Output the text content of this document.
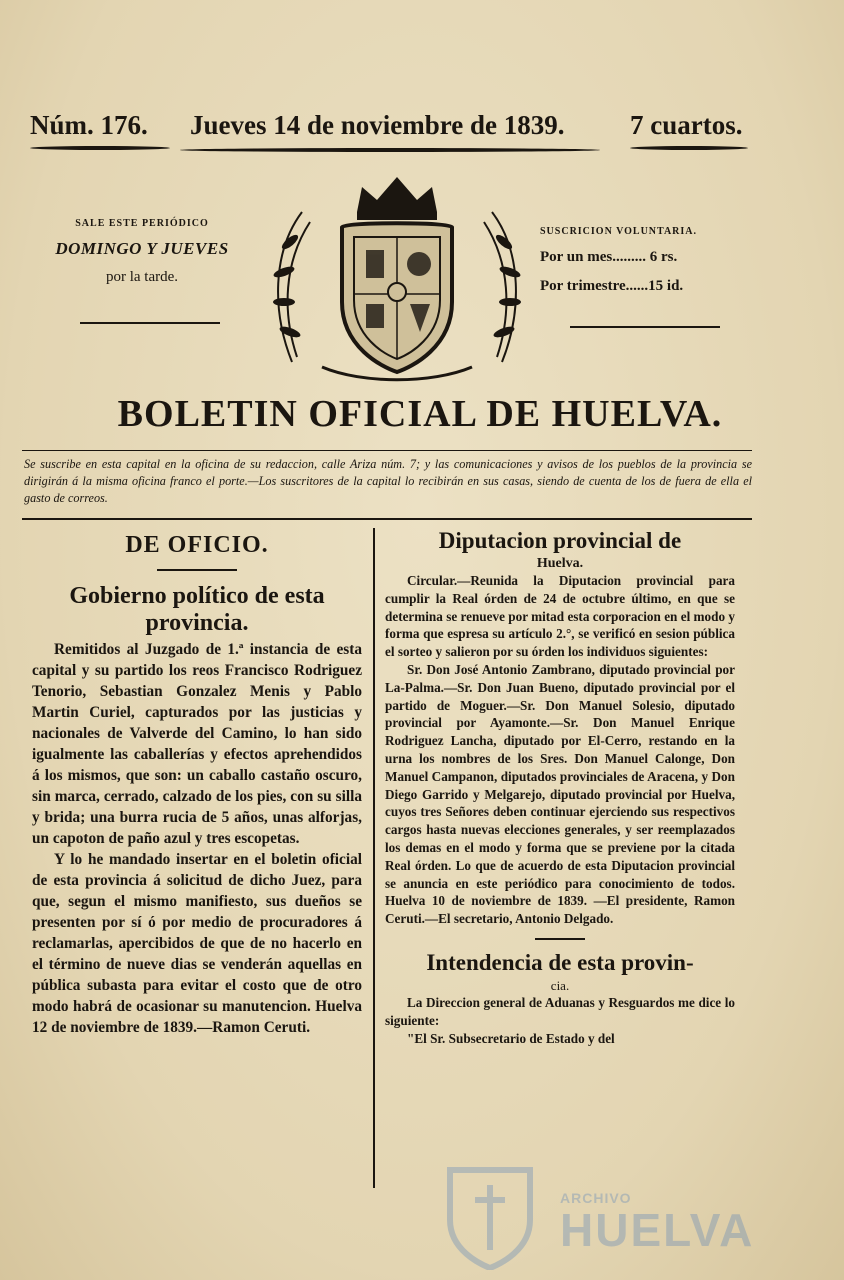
Núm. 176. Jueves 14 de noviembre de 1839. 7 cuartos.
SALE ESTE PERIÓDICO
DOMINGO Y JUEVES
por la tarde.
SUSCRICION VOLUNTARIA.
Por un mes......... 6 rs.
Por trimestre......15 id.
BOLETIN OFICIAL DE HUELVA.
Se suscribe en esta capital en la oficina de su redaccion, calle Ariza núm. 7; y las comunicaciones y avisos de los pueblos de la provincia se dirigirán á la misma oficina franco el porte.—Los suscritores de la capital lo recibirán en sus casas, siendo de cuenta de los de fuera de ella el gasto de correos.
DE OFICIO.
Gobierno político de esta provincia.

Remitidos al Juzgado de 1.ª instancia de esta capital y su partido los reos Francisco Rodriguez Tenorio, Sebastian Gonzalez Menis y Pablo Martin Curiel, capturados por las justicias y nacionales de Valverde del Camino, lo han sido igualmente las caballerías y efectos aprehendidos á los mismos, que son: un caballo castaño oscuro, sin marca, cerrado, calzado de los pies, con su silla y brida; una burra rucia de 5 años, unas alforjas, un capoton de paño azul y tres escopetas.

Y lo he mandado insertar en el boletin oficial de esta provincia á solicitud de dicho Juez, para que, segun el mismo manifiesto, sus dueños se presenten por sí ó por medio de procuradores á reclamarlas, apercibidos de que de no hacerlo en el término de nueve dias se venderán aquellas en pública subasta para evitar el costo que de otro modo habrá de ocasionar su manutencion. Huelva 12 de noviembre de 1839.—Ramon Ceruti.

Diputacion provincial de
Huelva.

Circular.—Reunida la Diputacion provincial para cumplir la Real órden de 24 de octubre último, en que se determina se renueve por mitad esta corporacion en el modo y forma que espresa su artículo 2.°, se verificó en sesion pública el sorteo y salieron por su órden los individuos siguientes:

Sr. Don José Antonio Zambrano, diputado provincial por La-Palma.—Sr. Don Juan Bueno, diputado provincial por el partido de Moguer.—Sr. Don Manuel Solesio, diputado provincial por Ayamonte.—Sr. Don Manuel Enrique Rodriguez Lancha, diputado por El-Cerro, restando en la urna los nombres de los Sres. Don Manuel Calonge, Don Manuel Campanon, diputados provinciales de Aracena, y Don Diego Garrido y Melgarejo, diputado provincial por Huelva, cuyos tres Señores deben continuar ejerciendo sus respectivos cargos hasta nuevas elecciones generales, y ser reemplazados los demas en el modo y forma que se previene por la citada Real órden. Lo que de acuerdo de esta Diputacion provincial se anuncia en este periódico para conocimiento de todos. Huelva 10 de noviembre de 1839. —El presidente, Ramon Ceruti.—El secretario, Antonio Delgado.

Intendencia de esta provin-
cia.

La Direccion general de Aduanas y Resguardos me dice lo siguiente:

"El Sr. Subsecretario de Estado y del

ARCHIVO
HUELVA
